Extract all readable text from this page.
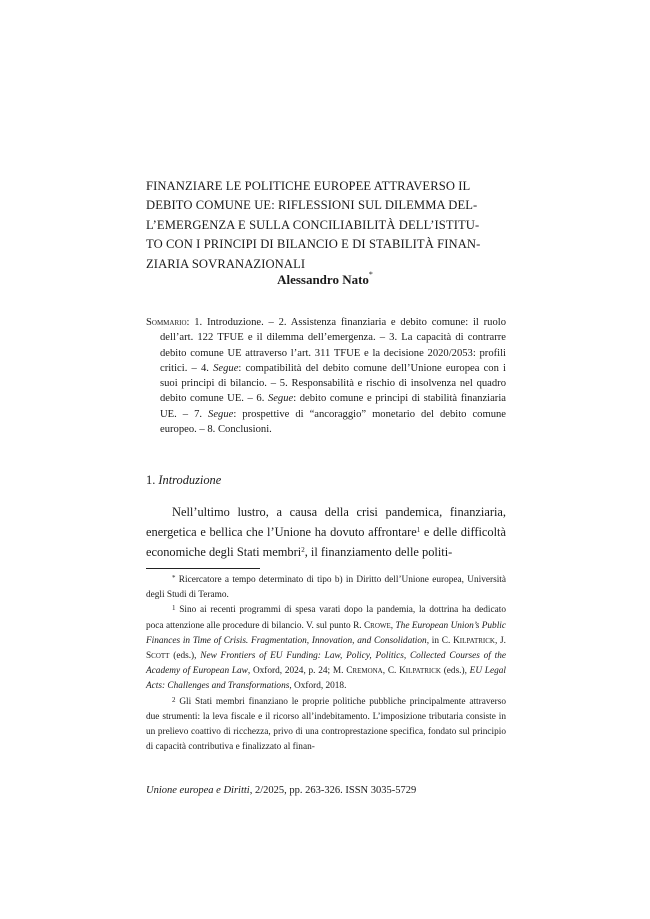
FINANZIARE LE POLITICHE EUROPEE ATTRAVERSO IL
DEBITO COMUNE UE: RIFLESSIONI SUL DILEMMA DEL-
L’EMERGENZA E SULLA CONCILIABILITÀ DELL’ISTITU-
TO CON I PRINCIPI DI BILANCIO E DI STABILITÀ FINAN-
ZIARIA SOVRANAZIONALI
Alessandro Nato*

Sommario: 1. Introduzione. – 2. Assistenza finanziaria e debito comune: il ruolo dell’art. 122 TFUE e il dilemma dell’emergenza. – 3. La capacità di contrarre debito comune UE attraverso l’art. 311 TFUE e la decisione 2020/2053: profili critici. – 4. Segue: compatibilità del debito comune dell’Unione europea con i suoi principi di bilancio. – 5. Responsabilità e rischio di insolvenza nel quadro debito comune UE. – 6. Segue: debito comune e principi di stabilità finanziaria UE. – 7. Segue: prospettive di “ancoraggio” monetario del debito comune europeo. – 8. Conclusioni.

1. Introduzione

Nell’ultimo lustro, a causa della crisi pandemica, finanziaria, energetica e bellica che l’Unione ha dovuto affrontare$^1$ e delle difficoltà economiche degli Stati membri$^2$, il finanziamento delle politi-

* Ricercatore a tempo determinato di tipo b) in Diritto dell’Unione europea, Università degli Studi di Teramo.

$^1$ Sino ai recenti programmi di spesa varati dopo la pandemia, la dottrina ha dedicato poca attenzione alle procedure di bilancio. V. sul punto R. Crowe, The European Union’s Public Finances in Time of Crisis. Fragmentation, Innovation, and Consolidation, in C. Kilpatrick, J. Scott (eds.), New Frontiers of EU Funding: Law, Policy, Politics, Collected Courses of the Academy of European Law, Oxford, 2024, p. 24; M. Cremona, C. Kilpatrick (eds.), EU Legal Acts: Challenges and Transformations, Oxford, 2018.

$^2$ Gli Stati membri finanziano le proprie politiche pubbliche principalmente attraverso due strumenti: la leva fiscale e il ricorso all’indebitamento. L’imposizione tributaria consiste in un prelievo coattivo di ricchezza, privo di una controprestazione specifica, fondato sul principio di capacità contributiva e finalizzato al finan-

Unione europea e Diritti, 2/2025, pp. 263-326. ISSN 3035-5729
